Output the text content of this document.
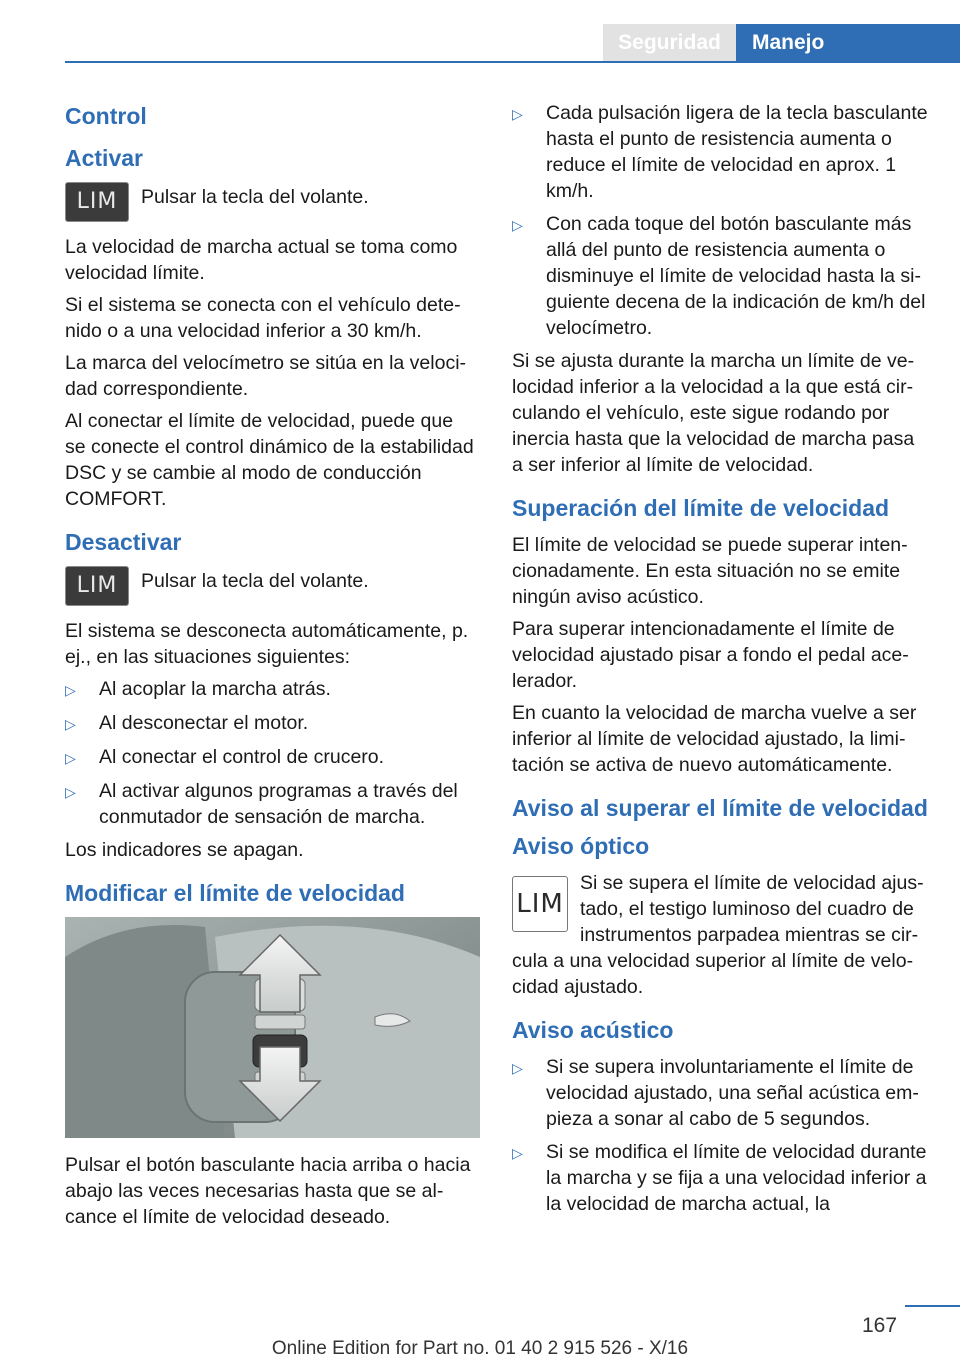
Seguridad	Manejo
Control
Activar
LIM	Pulsar la tecla del volante.

La velocidad de marcha actual se toma como velocidad límite.

Si el sistema se conecta con el vehículo detenido o a una velocidad inferior a 30 km/h.

La marca del velocímetro se sitúa en la velocidad correspondiente.

Al conectar el límite de velocidad, puede que se conecte el control dinámico de la estabilidad DSC y se cambie al modo de conducción COMFORT.

Desactivar
LIM	Pulsar la tecla del volante.

El sistema se desconecta automáticamente, p. ej., en las situaciones siguientes:

▷	Al acoplar la marcha atrás.
▷	Al desconectar el motor.
▷	Al conectar el control de crucero.
▷	Al activar algunos programas a través del conmutador de sensación de marcha.

Los indicadores se apagan.

Modificar el límite de velocidad

Pulsar el botón basculante hacia arriba o hacia abajo las veces necesarias hasta que se alcance el límite de velocidad deseado.

▷	Cada pulsación ligera de la tecla basculante hasta el punto de resistencia aumenta o reduce el límite de velocidad en aprox. 1 km/h.
▷	Con cada toque del botón basculante más allá del punto de resistencia aumenta o disminuye el límite de velocidad hasta la siguiente decena de la indicación de km/h del velocímetro.

Si se ajusta durante la marcha un límite de velocidad inferior a la velocidad a la que está circulando el vehículo, este sigue rodando por inercia hasta que la velocidad de marcha pasa a ser inferior al límite de velocidad.

Superación del límite de velocidad

El límite de velocidad se puede superar intencionadamente. En esta situación no se emite ningún aviso acústico.

Para superar intencionadamente el límite de velocidad ajustado pisar a fondo el pedal acelerador.

En cuanto la velocidad de marcha vuelve a ser inferior al límite de velocidad ajustado, la limitación se activa de nuevo automáticamente.

Aviso al superar el límite de velocidad
Aviso óptico
LIM
Si se supera el límite de velocidad ajustado, el testigo luminoso del cuadro de instrumentos parpadea mientras se circula a una velocidad superior al límite de velocidad ajustado.
Aviso acústico
▷	Si se supera involuntariamente el límite de velocidad ajustado, una señal acústica empieza a sonar al cabo de 5 segundos.
▷	Si se modifica el límite de velocidad durante la marcha y se fija a una velocidad inferior a la velocidad de marcha actual, la
167
Online Edition for Part no. 01 40 2 915 526 - X/16
